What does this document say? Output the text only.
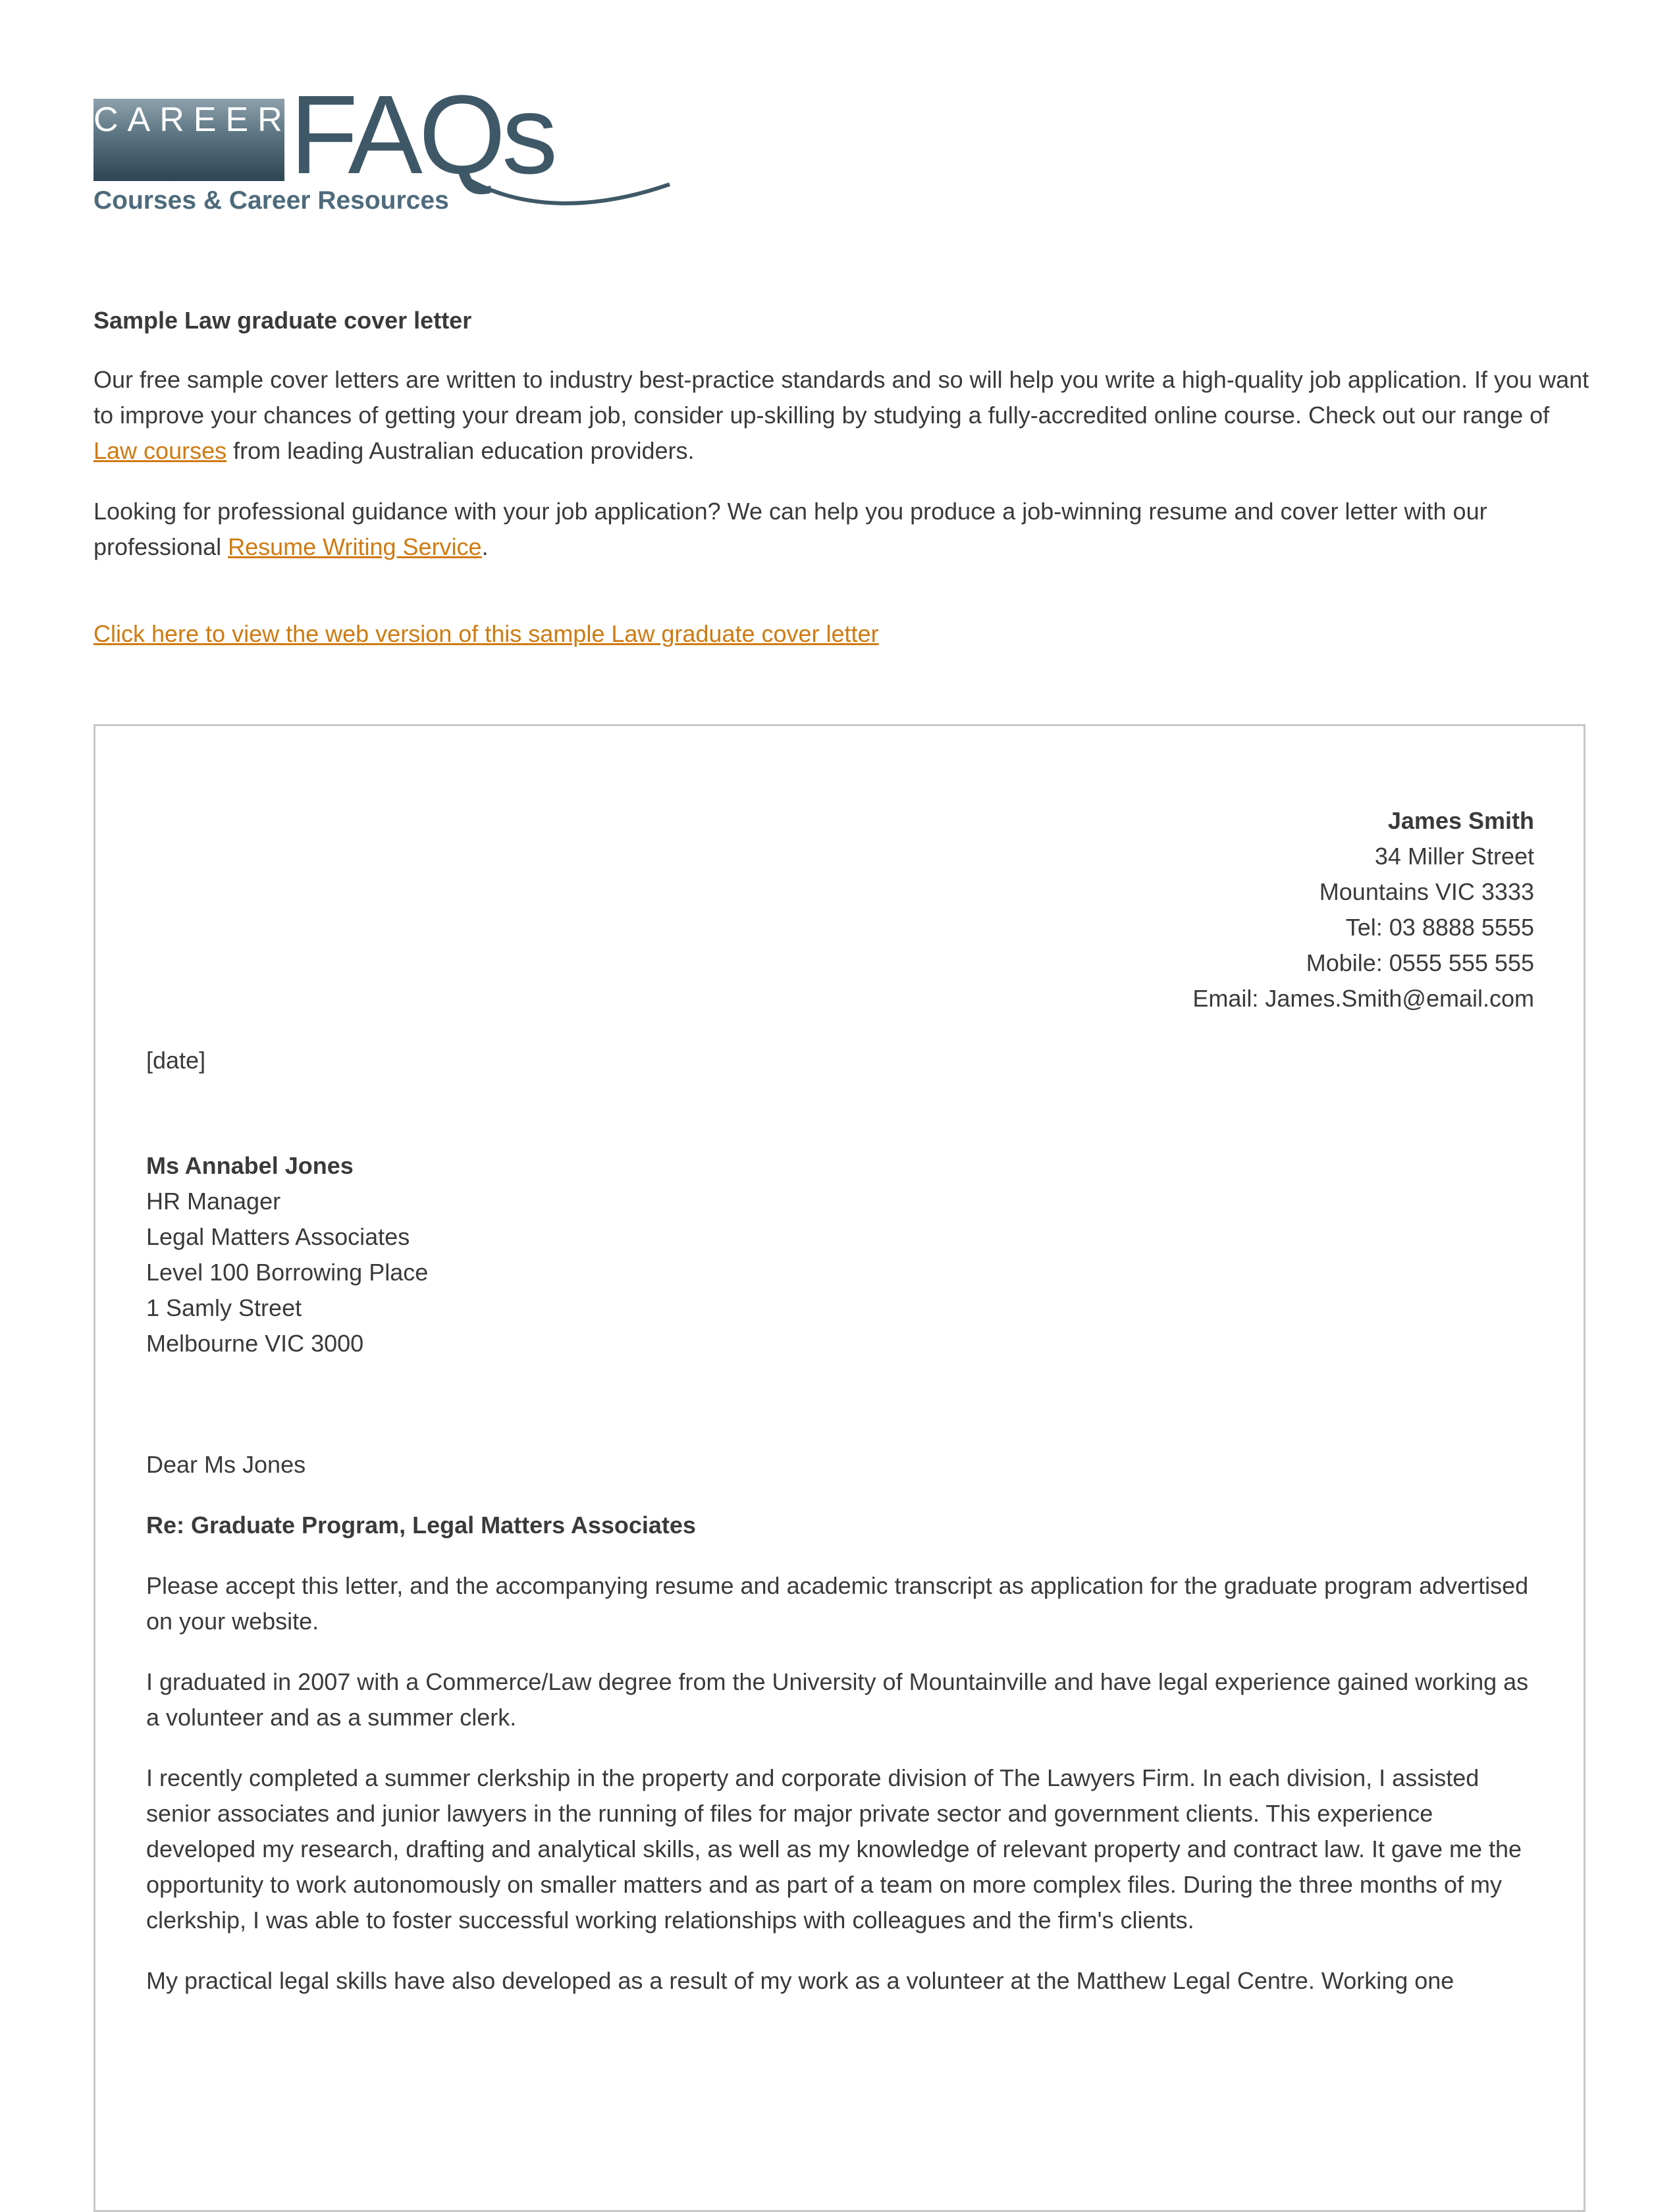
CAREER
FAQs
Courses & Career Resources
Sample Law graduate cover letter

Our free sample cover letters are written to industry best-practice standards and so will help you write a high-quality job application. If you want to improve your chances of getting your dream job, consider up-skilling by studying a fully-accredited online course. Check out our range of Law courses from leading Australian education providers.

Looking for professional guidance with your job application? We can help you produce a job-winning resume and cover letter with our professional Resume Writing Service.

Click here to view the web version of this sample Law graduate cover letter
James Smith
34 Miller Street
Mountains VIC 3333
Tel: 03 8888 5555
Mobile: 0555 555 555
Email: James.Smith@email.com
[date]
Ms Annabel Jones
HR Manager
Legal Matters Associates
Level 100 Borrowing Place
1 Samly Street
Melbourne VIC 3000
Dear Ms Jones
Re: Graduate Program, Legal Matters Associates

Please accept this letter, and the accompanying resume and academic transcript as application for the graduate program advertised on your website.

I graduated in 2007 with a Commerce/Law degree from the University of Mountainville and have legal experience gained working as a volunteer and as a summer clerk.

I recently completed a summer clerkship in the property and corporate division of The Lawyers Firm. In each division, I assisted senior associates and junior lawyers in the running of files for major private sector and government clients. This experience developed my research, drafting and analytical skills, as well as my knowledge of relevant property and contract law. It gave me the opportunity to work autonomously on smaller matters and as part of a team on more complex files. During the three months of my clerkship, I was able to foster successful working relationships with colleagues and the firm's clients.

My practical legal skills have also developed as a result of my work as a volunteer at the Matthew Legal Centre. Working one
